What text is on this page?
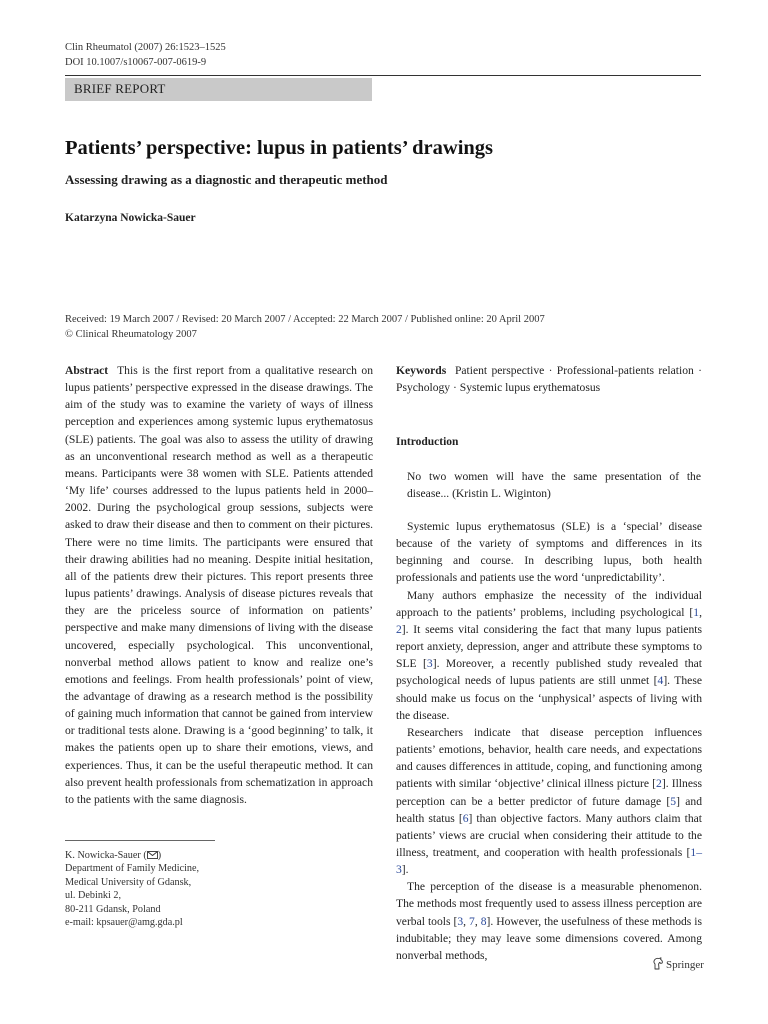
Clin Rheumatol (2007) 26:1523–1525
DOI 10.1007/s10067-007-0619-9
BRIEF REPORT
Patients’ perspective: lupus in patients’ drawings
Assessing drawing as a diagnostic and therapeutic method
Katarzyna Nowicka-Sauer
Received: 19 March 2007 / Revised: 20 March 2007 / Accepted: 22 March 2007 / Published online: 20 April 2007
© Clinical Rheumatology 2007
Abstract This is the first report from a qualitative research on lupus patients’ perspective expressed in the disease drawings. The aim of the study was to examine the variety of ways of illness perception and experiences among systemic lupus erythematosus (SLE) patients. The goal was also to assess the utility of drawing as an unconventional research method as well as a therapeutic means. Participants were 38 women with SLE. Patients attended ‘My life’ courses addressed to the lupus patients held in 2000–2002. During the psychological group sessions, subjects were asked to draw their disease and then to comment on their pictures. There were no time limits. The participants were ensured that their drawing abilities had no meaning. Despite initial hesitation, all of the patients drew their pictures. This report presents three lupus patients’ drawings. Analysis of disease pictures reveals that they are the priceless source of information on patients’ perspective and make many dimensions of living with the disease uncovered, especially psychological. This unconventional, nonverbal method allows patient to know and realize one’s emotions and feelings. From health professionals’ point of view, the advantage of drawing as a research method is the possibility of gaining much information that cannot be gained from interview or traditional tests alone. Drawing is a ‘good beginning’ to talk, it makes the patients open up to share their emotions, views, and experiences. Thus, it can be the useful therapeutic method. It can also prevent health professionals from schematization in approach to the patients with the same diagnosis.
Keywords Patient perspective · Professional-patients relation · Psychology · Systemic lupus erythematosus
Introduction
No two women will have the same presentation of the disease... (Kristin L. Wiginton)

Systemic lupus erythematosus (SLE) is a ‘special’ disease because of the variety of symptoms and differences in its beginning and course. In describing lupus, both health professionals and patients use the word ‘unpredictability’.

Many authors emphasize the necessity of the individual approach to the patients’ problems, including psychological [1, 2]. It seems vital considering the fact that many lupus patients report anxiety, depression, anger and attribute these symptoms to SLE [3]. Moreover, a recently published study revealed that psychological needs of lupus patients are still unmet [4]. These should make us focus on the ‘unphysical’ aspects of living with the disease.

Researchers indicate that disease perception influences patients’ emotions, behavior, health care needs, and expectations and causes differences in attitude, coping, and functioning among patients with similar ‘objective’ clinical illness picture [2]. Illness perception can be a better predictor of future damage [5] and health status [6] than objective factors. Many authors claim that patients’ views are crucial when considering their attitude to the illness, treatment, and cooperation with health professionals [1–3].

The perception of the disease is a measurable phenomenon. The methods most frequently used to assess illness perception are verbal tools [3, 7, 8]. However, the usefulness of these methods is indubitable; they may leave some dimensions covered. Among nonverbal methods,

K. Nowicka-Sauer ( )
Department of Family Medicine,
Medical University of Gdansk,
ul. Debinki 2,
80-211 Gdansk, Poland
e-mail: kpsauer@amg.gda.pl
Springer
